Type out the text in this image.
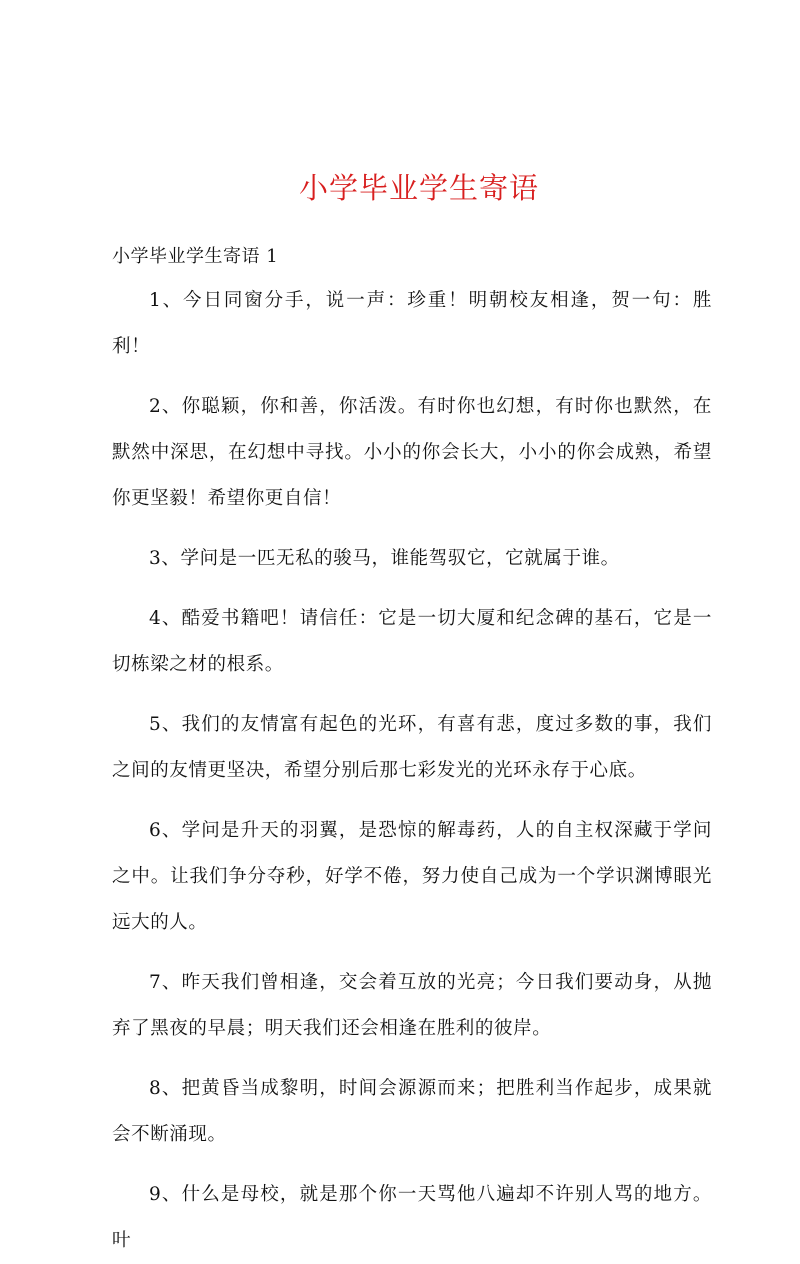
小学毕业学生寄语
小学毕业学生寄语 1

1、今日同窗分手，说一声：珍重！明朝校友相逢，贺一句：胜利！

2、你聪颖，你和善，你活泼。有时你也幻想，有时你也默然，在默然中深思，在幻想中寻找。小小的你会长大，小小的你会成熟，希望你更坚毅！希望你更自信！

3、学问是一匹无私的骏马，谁能驾驭它，它就属于谁。

4、酷爱书籍吧！请信任：它是一切大厦和纪念碑的基石，它是一切栋梁之材的根系。

5、我们的友情富有起色的光环，有喜有悲，度过多数的事，我们之间的友情更坚决，希望分别后那七彩发光的光环永存于心底。

6、学问是升天的羽翼，是恐惊的解毒药，人的自主权深藏于学问之中。让我们争分夺秒，好学不倦，努力使自己成为一个学识渊博眼光远大的人。

7、昨天我们曾相逢，交会着互放的光亮；今日我们要动身，从抛弃了黑夜的早晨；明天我们还会相逢在胜利的彼岸。

8、把黄昏当成黎明，时间会源源而来；把胜利当作起步，成果就会不断涌现。

9、什么是母校，就是那个你一天骂他八遍却不许别人骂的地方。叶
